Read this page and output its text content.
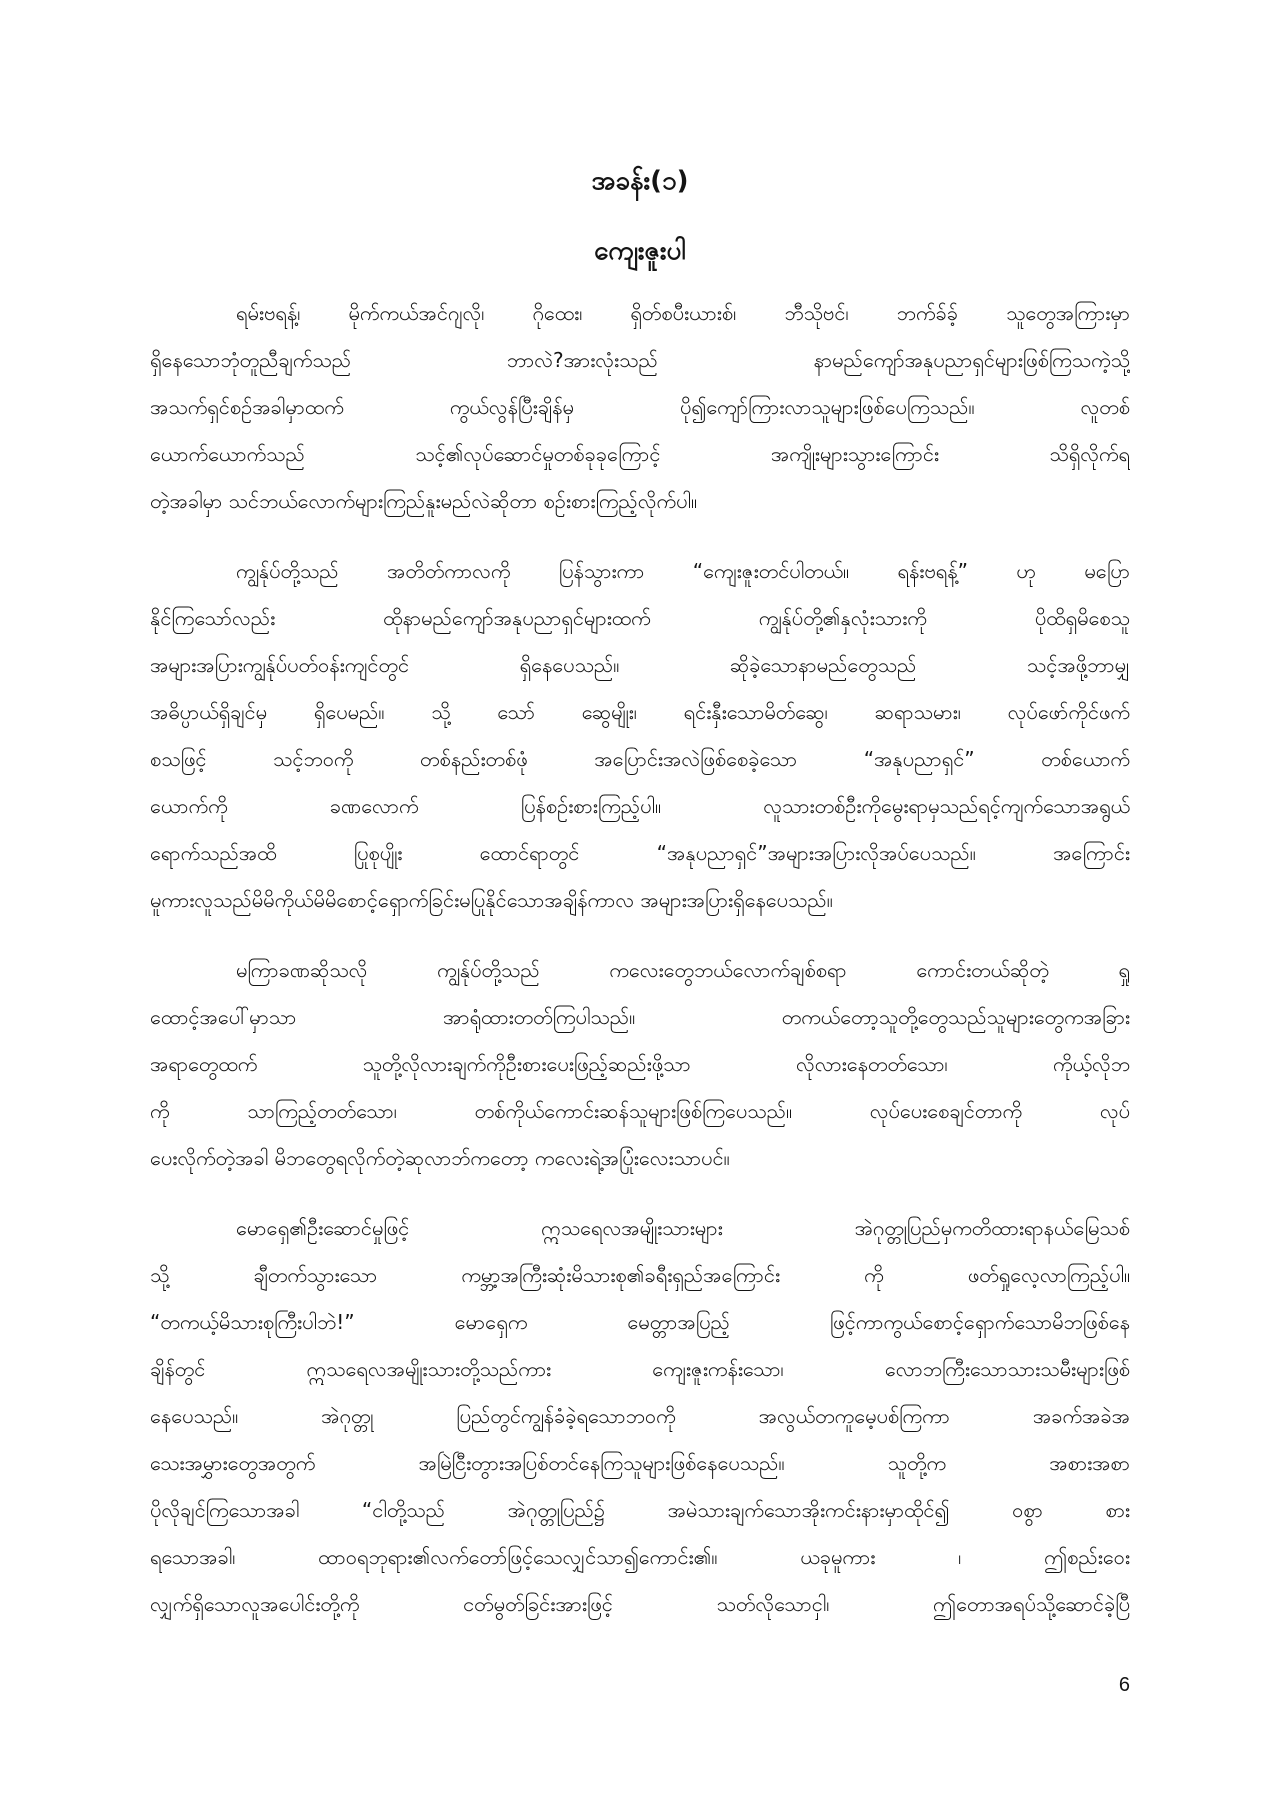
အခန်း(၁)
ကျေးဇူးပါ
ရမ်းဗရန့်၊ မိုက်ကယ်အင်ဂျလို၊ ဂိုထေး၊ ရှိတ်စပီးယားစ်၊ ဘီသိုဗင်၊ ဘက်ခ်ခ့် သူတွေအကြားမှာ
ရှိနေသောဘုံတူညီချက်သည် ဘာလဲ?အားလုံးသည် နာမည်ကျော်အနုပညာရှင်များဖြစ်ကြသကဲ့သို့
အသက်ရှင်စဉ်အခါမှာထက် ကွယ်လွန်ပြီးချိန်မှ ပို၍ကျော်ကြားလာသူများဖြစ်ပေကြသည်။ လူတစ်
ယောက်ယောက်သည် သင့်၏လုပ်ဆောင်မှုတစ်ခုခုကြောင့် အကျိုးများသွားကြောင်း သိရှိလိုက်ရ
တဲ့အခါမှာ သင်ဘယ်လောက်များကြည်နူးမည်လဲဆိုတာ စဉ်းစားကြည့်လိုက်ပါ။
ကျွန်ုပ်တို့သည် အတိတ်ကာလကို ပြန်သွားကာ “ကျေးဇူးတင်ပါတယ်။ ရန်းဗရန့်” ဟု မပြော
နိုင်ကြသော်လည်း ထိုနာမည်ကျော်အနုပညာရှင်များထက် ကျွန်ုပ်တို့၏နှလုံးသားကို ပိုထိရှမိစေသူ
အများအပြားကျွန်ုပ်ပတ်ဝန်းကျင်တွင် ရှိနေပေသည်။ ဆိုခဲ့သောနာမည်တွေသည် သင့်အဖို့ဘာမျှ
အဓိပ္ပာယ်ရှိချင်မှ ရှိပေမည်။ သို့ သော် ဆွေမျိုး၊ ရင်းနှီးသောမိတ်ဆွေ၊ ဆရာသမား၊ လုပ်ဖော်ကိုင်ဖက်
စသဖြင့် သင့်ဘဝကို တစ်နည်းတစ်ဖုံ အပြောင်းအလဲဖြစ်စေခဲ့သော “အနုပညာရှင်” တစ်ယောက်
ယောက်ကို ခဏလောက် ပြန်စဉ်းစားကြည့်ပါ။ လူသားတစ်ဦးကိုမွေးရာမှသည်ရင့်ကျက်သောအရွယ်
ရောက်သည်အထိ ပြုစုပျိုး ထောင်ရာတွင် “အနုပညာရှင်”အများအပြားလိုအပ်ပေသည်။ အကြောင်း
မူကားလူသည်မိမိကိုယ်မိမိစောင့်ရှောက်ခြင်းမပြုနိုင်သောအချိန်ကာလ အများအပြားရှိနေပေသည်။
မကြာခဏဆိုသလို ကျွန်ုပ်တို့သည် ကလေးတွေဘယ်လောက်ချစ်စရာ ကောင်းတယ်ဆိုတဲ့ ရှု
ထောင့်အပေါ်မှာသာ အာရုံထားတတ်ကြပါသည်။ တကယ်တော့သူတို့တွေသည်သူများတွေကအခြား
အရာတွေထက် သူတို့လိုလားချက်ကိုဦးစားပေးဖြည့်ဆည်းဖို့သာ လိုလားနေတတ်သော၊ ကိုယ့်လိုဘ
ကို သာကြည့်တတ်သော၊ တစ်ကိုယ်ကောင်းဆန်သူများဖြစ်ကြပေသည်။ လုပ်ပေးစေချင်တာကို လုပ်
ပေးလိုက်တဲ့အခါ မိဘတွေရလိုက်တဲ့ဆုလာဘ်ကတော့ ကလေးရဲ့အပြုံးလေးသာပင်။
မောရှေ၏ဦးဆောင်မှုဖြင့် ဣသရေလအမျိုးသားများ အဲဂုတ္တုပြည်မှကတိထားရာနယ်မြေသစ်
သို့ ချီတက်သွားသော ကမ္ဘာ့အကြီးဆုံးမိသားစု၏ခရီးရှည်အကြောင်း ကို ဖတ်ရှုလေ့လာကြည့်ပါ။
“တကယ့်မိသားစုကြီးပါဘဲ!” မောရှေက မေတ္တာအပြည့် ဖြင့်ကာကွယ်စောင့်ရှောက်သောမိဘဖြစ်နေ
ချိန်တွင် ဣသရေလအမျိုးသားတို့သည်ကား ကျေးဇူးကန်းသော၊ လောဘကြီးသောသားသမီးများဖြစ်
နေပေသည်။ အဲဂုတ္တု ပြည်တွင်ကျွန်ခံခဲ့ရသောဘဝကို အလွယ်တကူမေ့ပစ်ကြကာ အခက်အခဲအ
သေးအမွှားတွေအတွက် အမြဲငြီးတွားအပြစ်တင်နေကြသူများဖြစ်နေပေသည်။ သူတို့က အစားအစာ
ပိုလိုချင်ကြသောအခါ “ငါတို့သည် အဲဂုတ္တုပြည်၌ အမဲသားချက်သောအိုးကင်းနားမှာထိုင်၍ ဝစွာ စား
ရသောအခါ၊ ထာဝရဘုရား၏လက်တော်ဖြင့်သေလျှင်သာ၍ကောင်း၏။ ယခုမူကား ၊ ဤစည်းဝေး
လျှက်ရှိသောလူအပေါင်းတို့ကို ငတ်မွတ်ခြင်းအားဖြင့် သတ်လိုသောငှါ၊ ဤတောအရပ်သို့ဆောင်ခဲ့ပြီ
6
